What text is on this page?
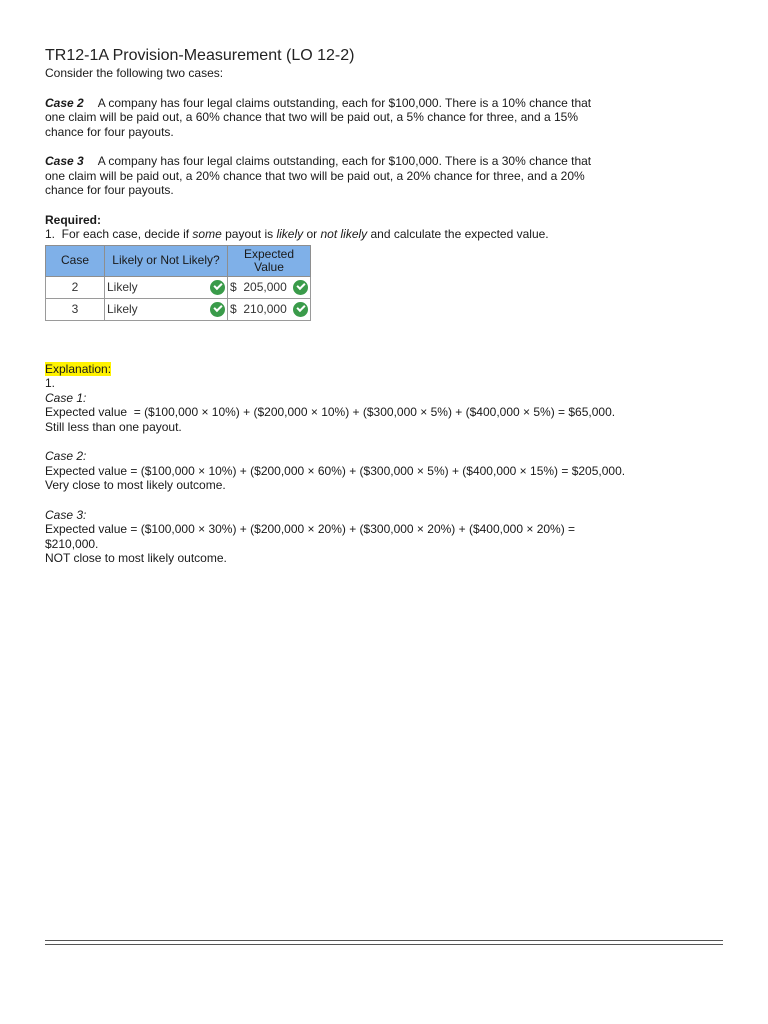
TR12-1A Provision-Measurement (LO 12-2)

Consider the following two cases:

Case 2 A company has four legal claims outstanding, each for $100,000. There is a 10% chance that

one claim will be paid out, a 60% chance that two will be paid out, a 5% chance for three, and a 15%

chance for four payouts.

Case 3 A company has four legal claims outstanding, each for $100,000. There is a 30% chance that

one claim will be paid out, a 20% chance that two will be paid out, a 20% chance for three, and a 20%

chance for four payouts.

Required:

1.  For each case, decide if some payout is likely or not likely and calculate the expected value.

Case	Likely or Not Likely?	Expected Value
2	Likely	$ 205,000

3	Likely	$ 210,000

Explanation:

1.

Case 1:

Expected value  = ($100,000 × 10%) + ($200,000 × 10%) + ($300,000 × 5%) + ($400,000 × 5%) = $65,000.

Still less than one payout.

Case 2:

Expected value = ($100,000 × 10%) + ($200,000 × 60%) + ($300,000 × 5%) + ($400,000 × 15%) = $205,000.

Very close to most likely outcome.

Case 3:

Expected value = ($100,000 × 30%) + ($200,000 × 20%) + ($300,000 × 20%) + ($400,000 × 20%) =

$210,000.

NOT close to most likely outcome.
